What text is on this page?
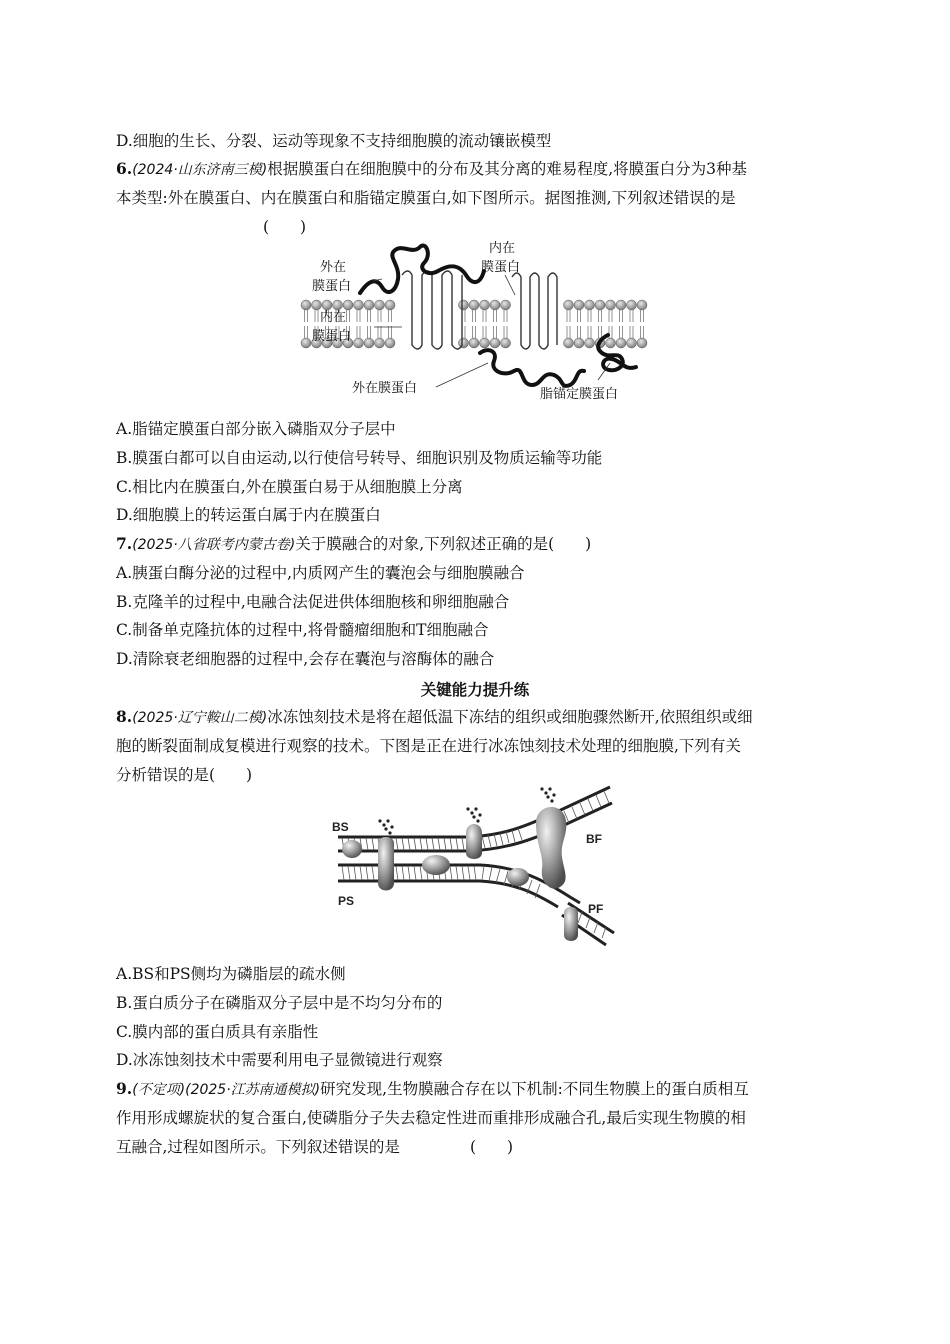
D.细胞的生长、分裂、运动等现象不支持细胞膜的流动镶嵌模型
6.(2024·山东济南三模)根据膜蛋白在细胞膜中的分布及其分离的难易程度,将膜蛋白分为3种基
本类型:外在膜蛋白、内在膜蛋白和脂锚定膜蛋白,如下图所示。据图推测,下列叙述错误的是
(　　)
外在
膜蛋白
内在
膜蛋白
内在
膜蛋白
外在膜蛋白	脂锚定膜蛋白
A.脂锚定膜蛋白部分嵌入磷脂双分子层中
B.膜蛋白都可以自由运动,以行使信号转导、细胞识别及物质运输等功能
C.相比内在膜蛋白,外在膜蛋白易于从细胞膜上分离
D.细胞膜上的转运蛋白属于内在膜蛋白
7.(2025·八省联考内蒙古卷)关于膜融合的对象,下列叙述正确的是(　　)
A.胰蛋白酶分泌的过程中,内质网产生的囊泡会与细胞膜融合
B.克隆羊的过程中,电融合法促进供体细胞核和卵细胞融合
C.制备单克隆抗体的过程中,将骨髓瘤细胞和T细胞融合
D.清除衰老细胞器的过程中,会存在囊泡与溶酶体的融合
关键能力提升练
8.(2025·辽宁鞍山二模)冰冻蚀刻技术是将在超低温下冻结的组织或细胞骤然断开,依照组织或细
胞的断裂面制成复模进行观察的技术。下图是正在进行冰冻蚀刻技术处理的细胞膜,下列有关
分析错误的是(　　)
BS
BF
PS
PF
A.BS和PS侧均为磷脂层的疏水侧
B.蛋白质分子在磷脂双分子层中是不均匀分布的
C.膜内部的蛋白质具有亲脂性
D.冰冻蚀刻技术中需要利用电子显微镜进行观察
9.(不定项)(2025·江苏南通模拟)研究发现,生物膜融合存在以下机制:不同生物膜上的蛋白质相互
作用形成螺旋状的复合蛋白,使磷脂分子失去稳定性进而重排形成融合孔,最后实现生物膜的相
互融合,过程如图所示。下列叙述错误的是	(　　)
